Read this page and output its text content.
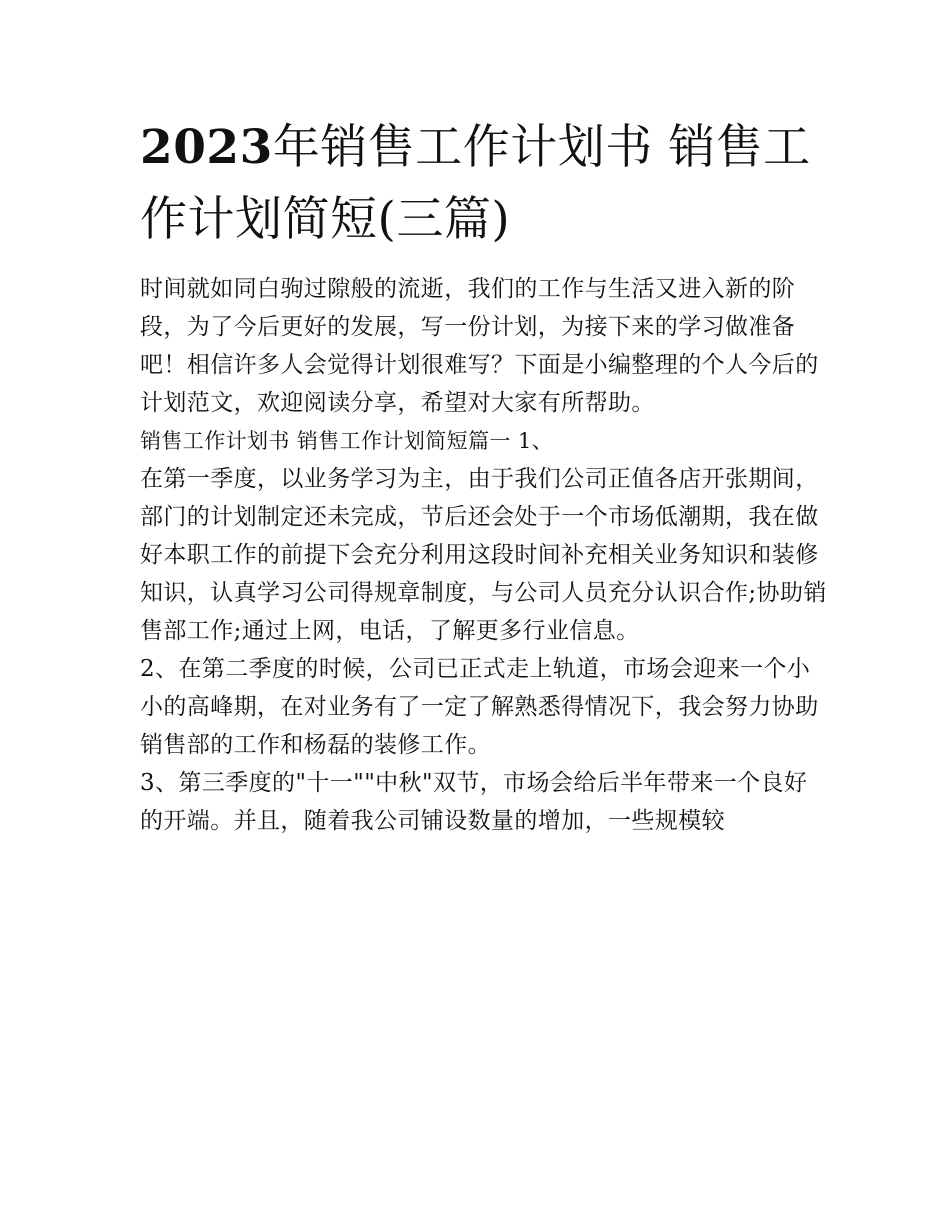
2023年销售工作计划书 销售工作计划简短(三篇)

时间就如同白驹过隙般的流逝，我们的工作与生活又进入新的阶段，为了今后更好的发展，写一份计划，为接下来的学习做准备吧！相信许多人会觉得计划很难写？下面是小编整理的个人今后的计划范文，欢迎阅读分享，希望对大家有所帮助。

销售工作计划书 销售工作计划简短篇一 1、

在第一季度，以业务学习为主，由于我们公司正值各店开张期间，部门的计划制定还未完成，节后还会处于一个市场低潮期，我在做好本职工作的前提下会充分利用这段时间补充相关业务知识和装修知识，认真学习公司得规章制度，与公司人员充分认识合作;协助销售部工作;通过上网，电话，了解更多行业信息。

2、在第二季度的时候，公司已正式走上轨道，市场会迎来一个小小的高峰期，在对业务有了一定了解熟悉得情况下，我会努力协助销售部的工作和杨磊的装修工作。

3、第三季度的"十一""中秋"双节，市场会给后半年带来一个良好的开端。并且，随着我公司铺设数量的增加，一些规模较
